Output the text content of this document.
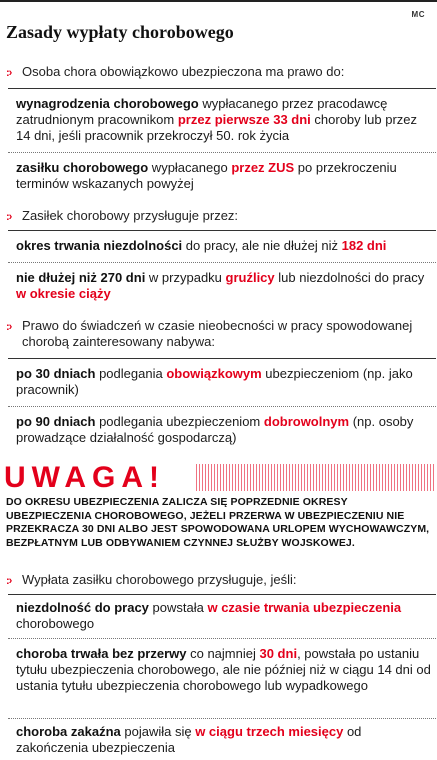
MC
Zasady wypłaty chorobowego
:› Osoba chora obowiązkowo ubezpieczona ma prawo do:
wynagrodzenia chorobowego wypłacanego przez pracodawcę zatrudnionym pracownikom przez pierwsze 33 dni choroby lub przez 14 dni, jeśli pracownik przekroczył 50. rok życia
zasiłku chorobowego wypłacanego przez ZUS po przekroczeniu terminów wskazanych powyżej
:› Zasiłek chorobowy przysługuje przez:
okres trwania niezdolności do pracy, ale nie dłużej niż 182 dni
nie dłużej niż 270 dni w przypadku gruźlicy lub niezdolności do pracy w okresie ciąży
:› Prawo do świadczeń w czasie nieobecności w pracy spowodowanej chorobą zainteresowany nabywa:
po 30 dniach podlegania obowiązkowym ubezpieczeniom (np. jako pracownik)
po 90 dniach podlegania ubezpieczeniom dobrowolnym (np. osoby prowadzące działalność gospodarczą)
UWAGA!
DO OKRESU UBEZPIECZENIA ZALICZA SIĘ POPRZEDNIE OKRESY UBEZPIECZENIA CHOROBOWEGO, JEŻELI PRZERWA W UBEZPIECZENIU NIE PRZEKRACZA 30 DNI ALBO JEST SPOWODOWANA URLOPEM WYCHOWAWCZYM, BEZPŁATNYM LUB ODBYWANIEM CZYNNEJ SŁUŻBY WOJSKOWEJ.
:› Wypłata zasiłku chorobowego przysługuje, jeśli:
niezdolność do pracy powstała w czasie trwania ubezpieczenia chorobowego
choroba trwała bez przerwy co najmniej 30 dni, powstała po ustaniu tytułu ubezpieczenia chorobowego, ale nie później niż w ciągu 14 dni od ustania tytułu ubezpieczenia chorobowego lub wypadkowego
choroba zakaźna pojawiła się w ciągu trzech miesięcy od zakończenia ubezpieczenia
